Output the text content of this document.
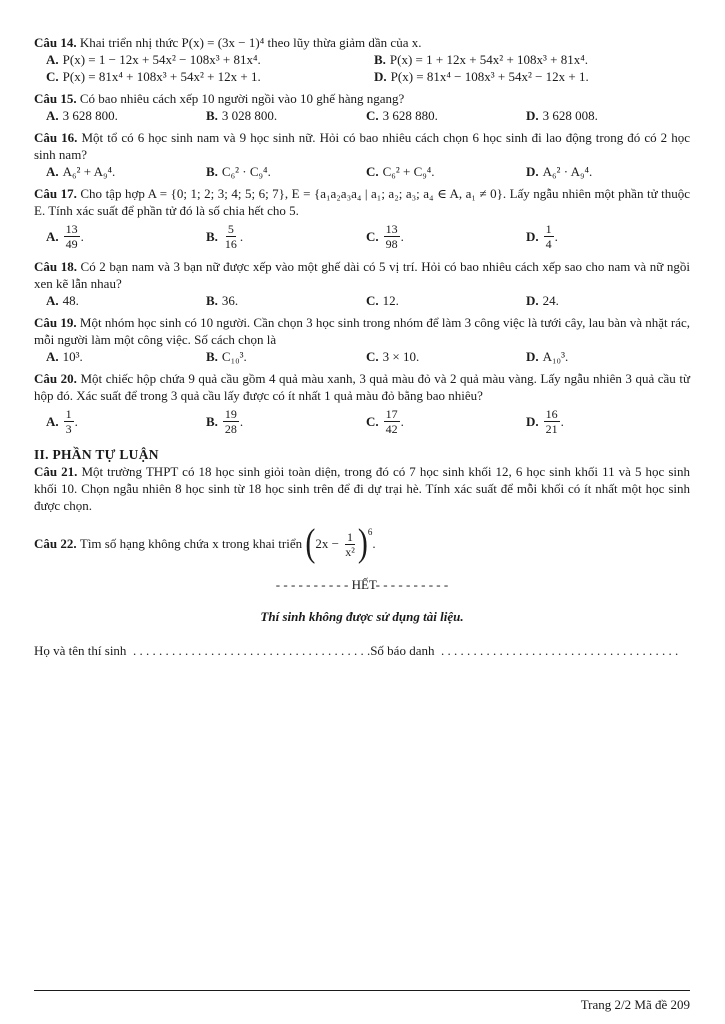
Câu 14. Khai triển nhị thức P(x) = (3x − 1)⁴ theo lũy thừa giảm dần của x.
A. P(x) = 1 − 12x + 54x² − 108x³ + 81x⁴.	B. P(x) = 1 + 12x + 54x² + 108x³ + 81x⁴.
C. P(x) = 81x⁴ + 108x³ + 54x² + 12x + 1.	D. P(x) = 81x⁴ − 108x³ + 54x² − 12x + 1.
Câu 15. Có bao nhiêu cách xếp 10 người ngồi vào 10 ghế hàng ngang?
A. 3 628 800.	B. 3 028 800.	C. 3 628 880.	D. 3 628 008.
Câu 16. Một tổ có 6 học sinh nam và 9 học sinh nữ. Hỏi có bao nhiêu cách chọn 6 học sinh đi lao động trong đó có 2 học sinh nam?
A. A₆² + A₉⁴.	B. C₆² · C₉⁴.	C. C₆² + C₉⁴.	D. A₆² · A₉⁴.
Câu 17. Cho tập hợp A = {0; 1; 2; 3; 4; 5; 6; 7}, E = {a₁a₂a₃a₄ | a₁; a₂; a₃; a₄ ∈ A, a₁ ≠ 0}. Lấy ngẫu nhiên một phần tử thuộc E. Tính xác suất để phần tử đó là số chia hết cho 5.
A. $\frac{13}{49}$ .	B. $\frac{5}{16}$ .	C. $\frac{13}{98}$ .	D. $\frac{1}{4}$ .
Câu 18. Có 2 bạn nam và 3 bạn nữ được xếp vào một ghế dài có 5 vị trí. Hỏi có bao nhiêu cách xếp sao cho nam và nữ ngồi xen kẽ lẫn nhau?
A. 48.	B. 36.	C. 12.	D. 24.
Câu 19. Một nhóm học sinh có 10 người. Cần chọn 3 học sinh trong nhóm để làm 3 công việc là tưới cây, lau bàn và nhặt rác, mỗi người làm một công việc. Số cách chọn là
A. 10³.	B. C₁₀³.	C. 3 × 10.	D. A₁₀³.
Câu 20. Một chiếc hộp chứa 9 quả cầu gồm 4 quả màu xanh, 3 quả màu đỏ và 2 quả màu vàng. Lấy ngẫu nhiên 3 quả cầu từ hộp đó. Xác suất để trong 3 quả cầu lấy được có ít nhất 1 quả màu đỏ bằng bao nhiêu?
A. $\frac{1}{3}$ .	B. $\frac{19}{28}$ .	C. $\frac{17}{42}$ .	D. $\frac{16}{21}$ .
II. PHẦN TỰ LUẬN
Câu 21. Một trường THPT có 18 học sinh giỏi toàn diện, trong đó có 7 học sinh khối 12, 6 học sinh khối 11 và 5 học sinh khối 10. Chọn ngẫu nhiên 8 học sinh từ 18 học sinh trên để đi dự trại hè. Tính xác suất để mỗi khối có ít nhất một học sinh được chọn.
Câu 22.
Tìm số hạng không chứa x trong khai triển
( 2x −
$\frac{1}{\text{x²}} )^6$
.
- - - - - - - - - - HẾT- - - - - - - - - -
Thí sinh không được sử dụng tài liệu.
Họ và tên thí sinh  . . . . . . . . . . . . . . . . . . . . . . . . . . . . . . . . . . . . .Số báo danh  . . . . . . . . . . . . . . . . . . . . . . . . . . . . . . . . . . . . .
Trang 2/2 Mã đề 209
